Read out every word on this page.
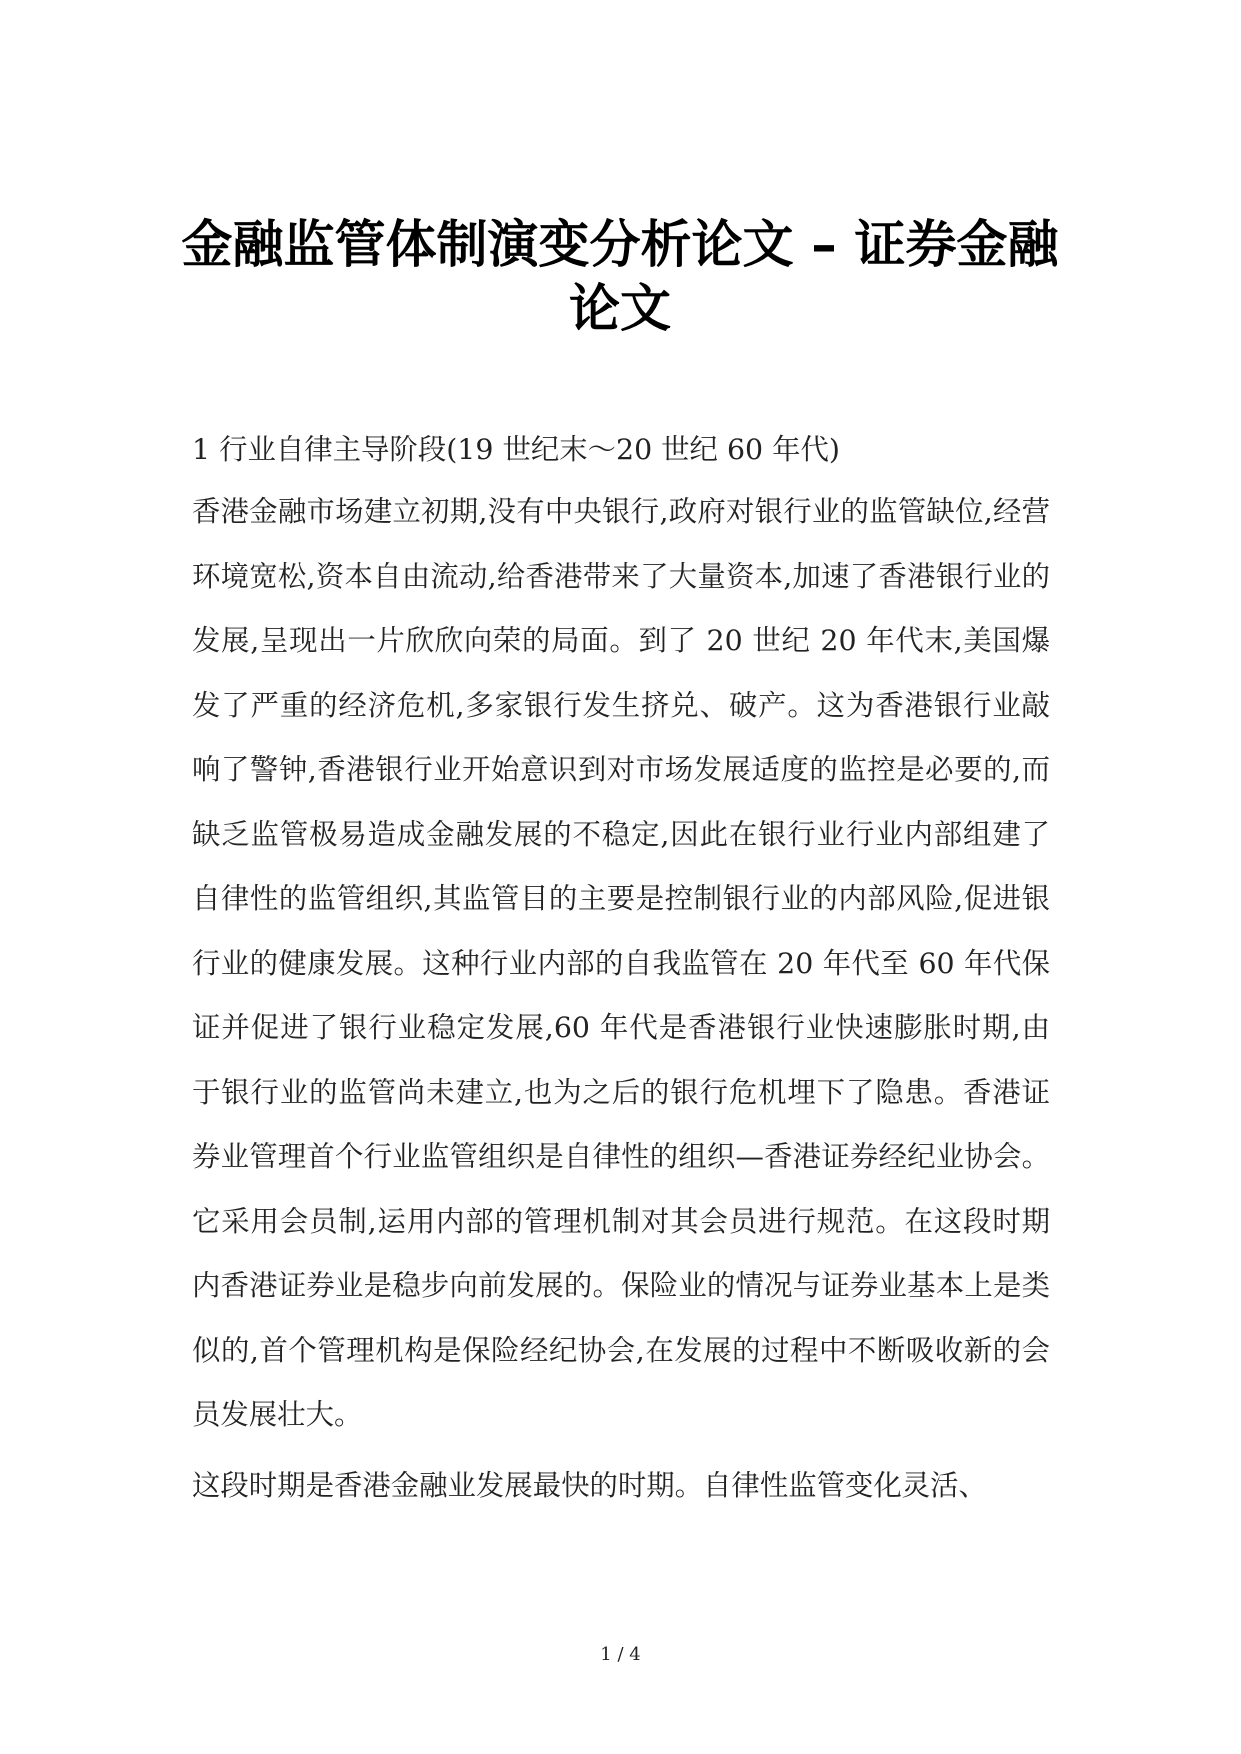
金融监管体制演变分析论文 – 证券金融论文

1 行业自律主导阶段(19 世纪末～20 世纪 60 年代)

香港金融市场建立初期,没有中央银行,政府对银行业的监管缺位,经营环境宽松,资本自由流动,给香港带来了大量资本,加速了香港银行业的发展,呈现出一片欣欣向荣的局面。到了 20 世纪 20 年代末,美国爆发了严重的经济危机,多家银行发生挤兑、破产。这为香港银行业敲响了警钟,香港银行业开始意识到对市场发展适度的监控是必要的,而缺乏监管极易造成金融发展的不稳定,因此在银行业行业内部组建了自律性的监管组织,其监管目的主要是控制银行业的内部风险,促进银行业的健康发展。这种行业内部的自我监管在 20 年代至 60 年代保证并促进了银行业稳定发展,60 年代是香港银行业快速膨胀时期,由于银行业的监管尚未建立,也为之后的银行危机埋下了隐患。香港证券业管理首个行业监管组织是自律性的组织—香港证券经纪业协会。它采用会员制,运用内部的管理机制对其会员进行规范。在这段时期内香港证券业是稳步向前发展的。保险业的情况与证券业基本上是类似的,首个管理机构是保险经纪协会,在发展的过程中不断吸收新的会员发展壮大。

这段时期是香港金融业发展最快的时期。自律性监管变化灵活、

1 / 4
